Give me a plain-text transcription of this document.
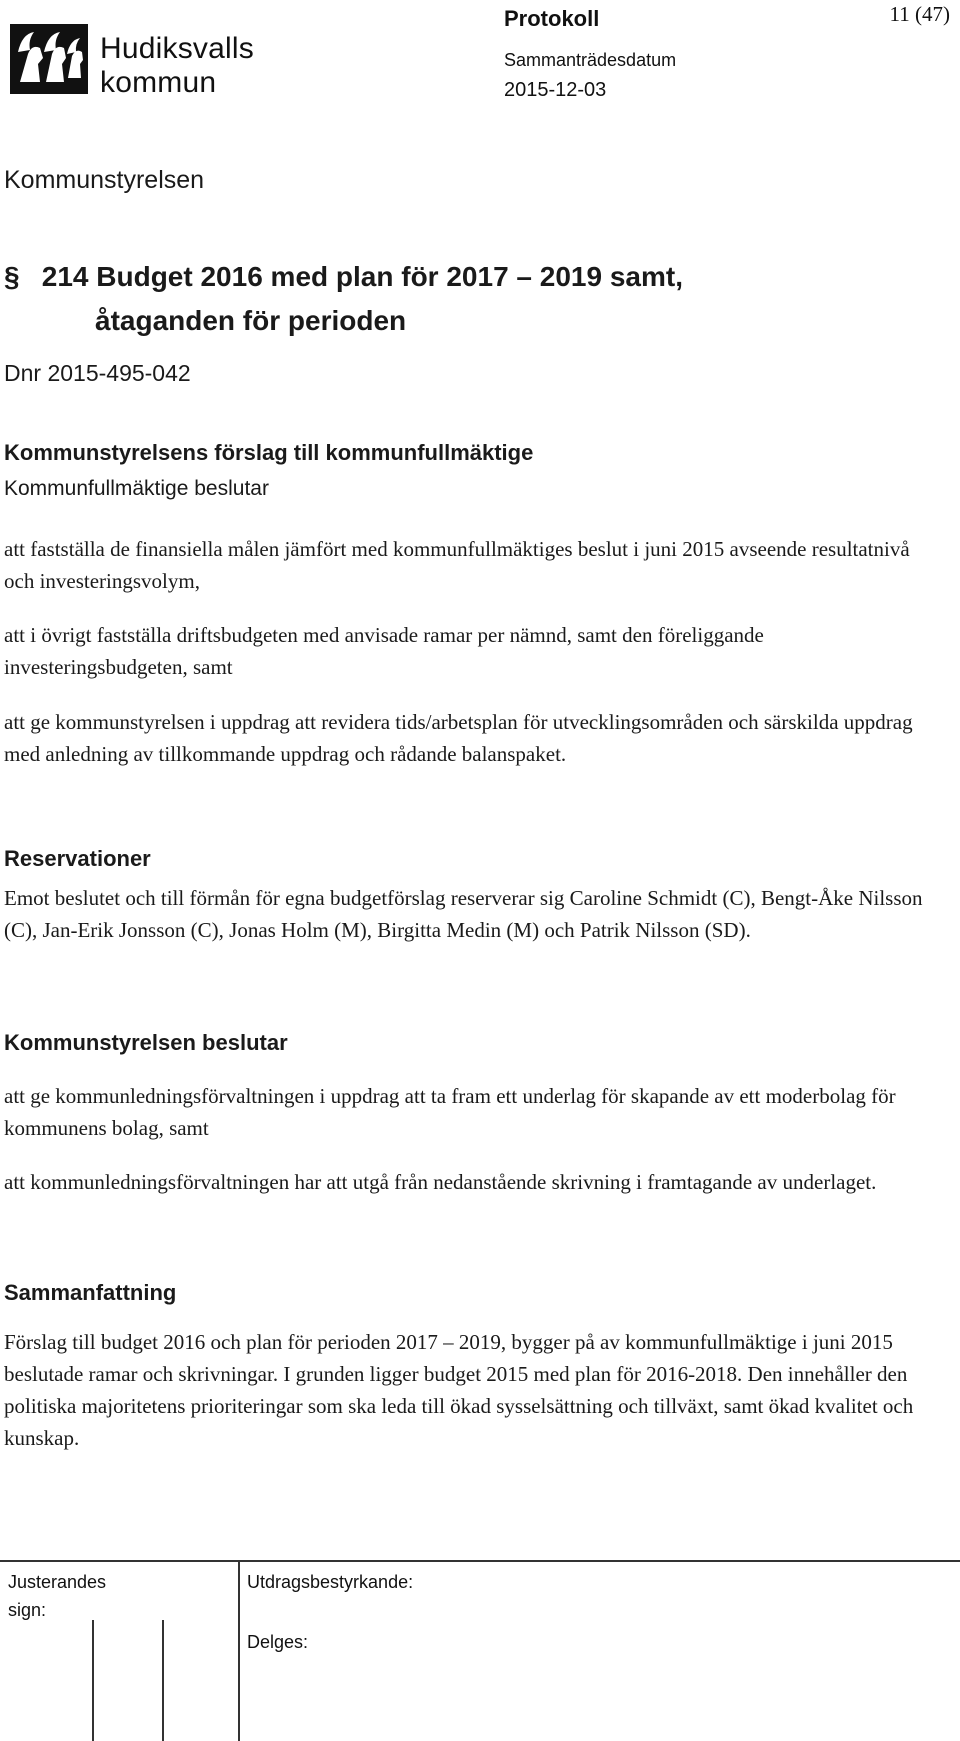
Hudiksvalls
kommun
Protokoll
Sammanträdesdatum
2015-12-03
11 (47)
Kommunstyrelsen
§ 214 Budget 2016 med plan för 2017 – 2019 samt,
åtaganden för perioden
Dnr 2015-495-042
Kommunstyrelsens förslag till kommunfullmäktige
Kommunfullmäktige beslutar
att fastställa de finansiella målen jämfört med kommunfullmäktiges beslut i juni 2015 avseende resultatnivå och investeringsvolym,
att i övrigt fastställa driftsbudgeten med anvisade ramar per nämnd, samt den föreliggande investeringsbudgeten, samt
att ge kommunstyrelsen i uppdrag att revidera tids/arbetsplan för utvecklingsområden och särskilda uppdrag med anledning av tillkommande uppdrag och rådande balanspaket.
Reservationer
Emot beslutet och till förmån för egna budgetförslag reserverar sig Caroline Schmidt (C), Bengt-Åke Nilsson (C), Jan-Erik Jonsson (C), Jonas Holm (M), Birgitta Medin (M) och Patrik Nilsson (SD).
Kommunstyrelsen beslutar
att ge kommunledningsförvaltningen i uppdrag att ta fram ett underlag för skapande av ett moderbolag för kommunens bolag, samt
att kommunledningsförvaltningen har att utgå från nedanstående skrivning i framtagande av underlaget.
Sammanfattning
Förslag till budget 2016 och plan för perioden 2017 – 2019, bygger på av kommunfullmäktige i juni 2015 beslutade ramar och skrivningar. I grunden ligger budget 2015 med plan för 2016-2018. Den innehåller den politiska majoritetens prioriteringar som ska leda till ökad sysselsättning och tillväxt, samt ökad kvalitet och kunskap.
Justerandes
sign:
Utdragsbestyrkande:
Delges:
